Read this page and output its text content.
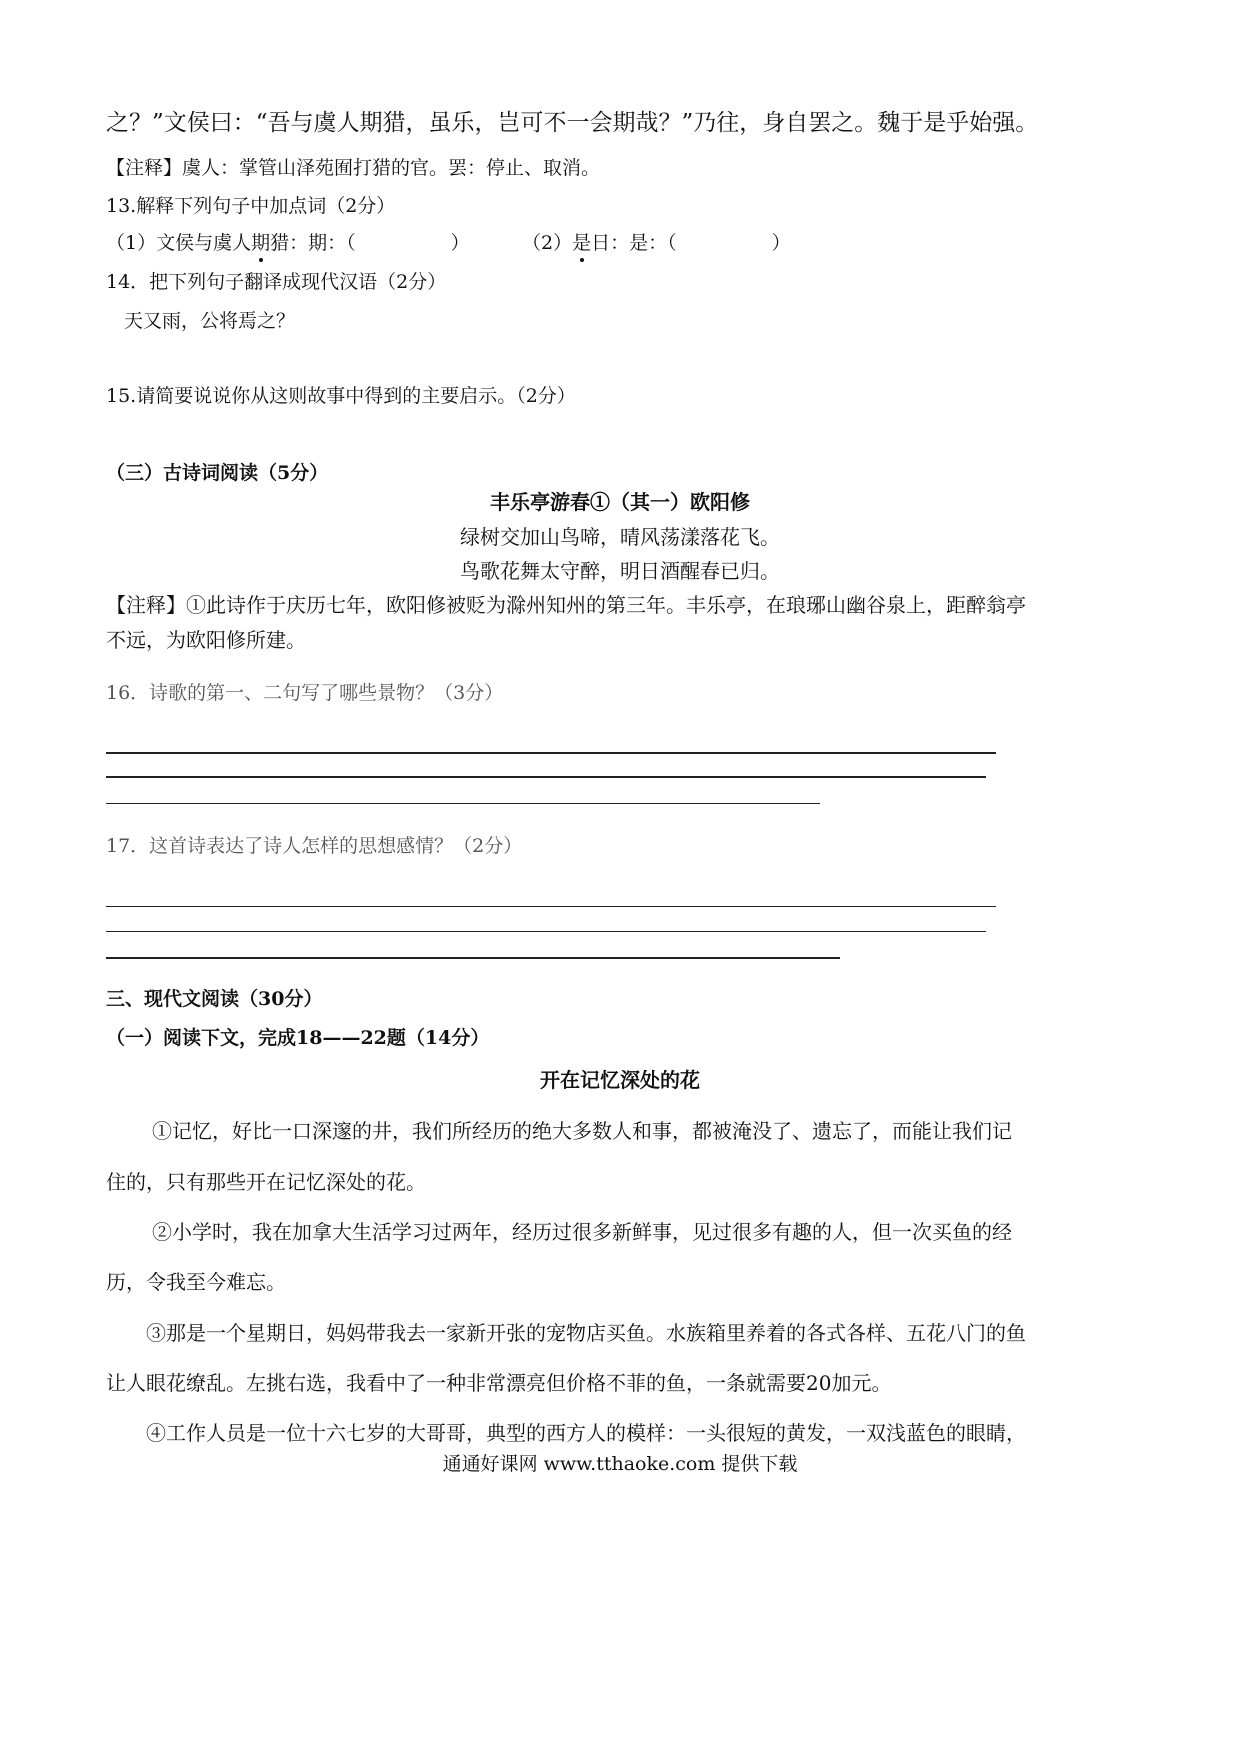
之？”文侯曰：“吾与虞人期猎，虽乐，岂可不一会期哉？”乃往，身自罢之。魏于是乎始强。
【注释】虞人：掌管山泽苑囿打猎的官。罢：停止、取消。
13.解释下列句子中加点词（2分）
（1）文侯与虞人期猎：期：（　　　　　）	（2）是日：是：（　　　　　）
14．把下列句子翻译成现代汉语（2分）
天又雨，公将焉之？
15.请简要说说你从这则故事中得到的主要启示。（2分）
（三）古诗词阅读（5分）
丰乐亭游春①（其一）欧阳修
绿树交加山鸟啼，晴风荡漾落花飞。
鸟歌花舞太守醉，明日酒醒春已归。
【注释】①此诗作于庆历七年，欧阳修被贬为滁州知州的第三年。丰乐亭，在琅琊山幽谷泉上，距醉翁亭
不远，为欧阳修所建。
16．诗歌的第一、二句写了哪些景物？（3分）
17．这首诗表达了诗人怎样的思想感情？（2分）
三、现代文阅读（30分）
（一）阅读下文，完成18——22题（14分）
开在记忆深处的花
①记忆，好比一口深邃的井，我们所经历的绝大多数人和事，都被淹没了、遗忘了，而能让我们记
住的，只有那些开在记忆深处的花。
②小学时，我在加拿大生活学习过两年，经历过很多新鲜事，见过很多有趣的人，但一次买鱼的经
历，令我至今难忘。
③那是一个星期日，妈妈带我去一家新开张的宠物店买鱼。水族箱里养着的各式各样、五花八门的鱼
让人眼花缭乱。左挑右选，我看中了一种非常漂亮但价格不菲的鱼，一条就需要20加元。
④工作人员是一位十六七岁的大哥哥，典型的西方人的模样：一头很短的黄发，一双浅蓝色的眼睛，
通通好课网 www.tthaoke.com 提供下载
